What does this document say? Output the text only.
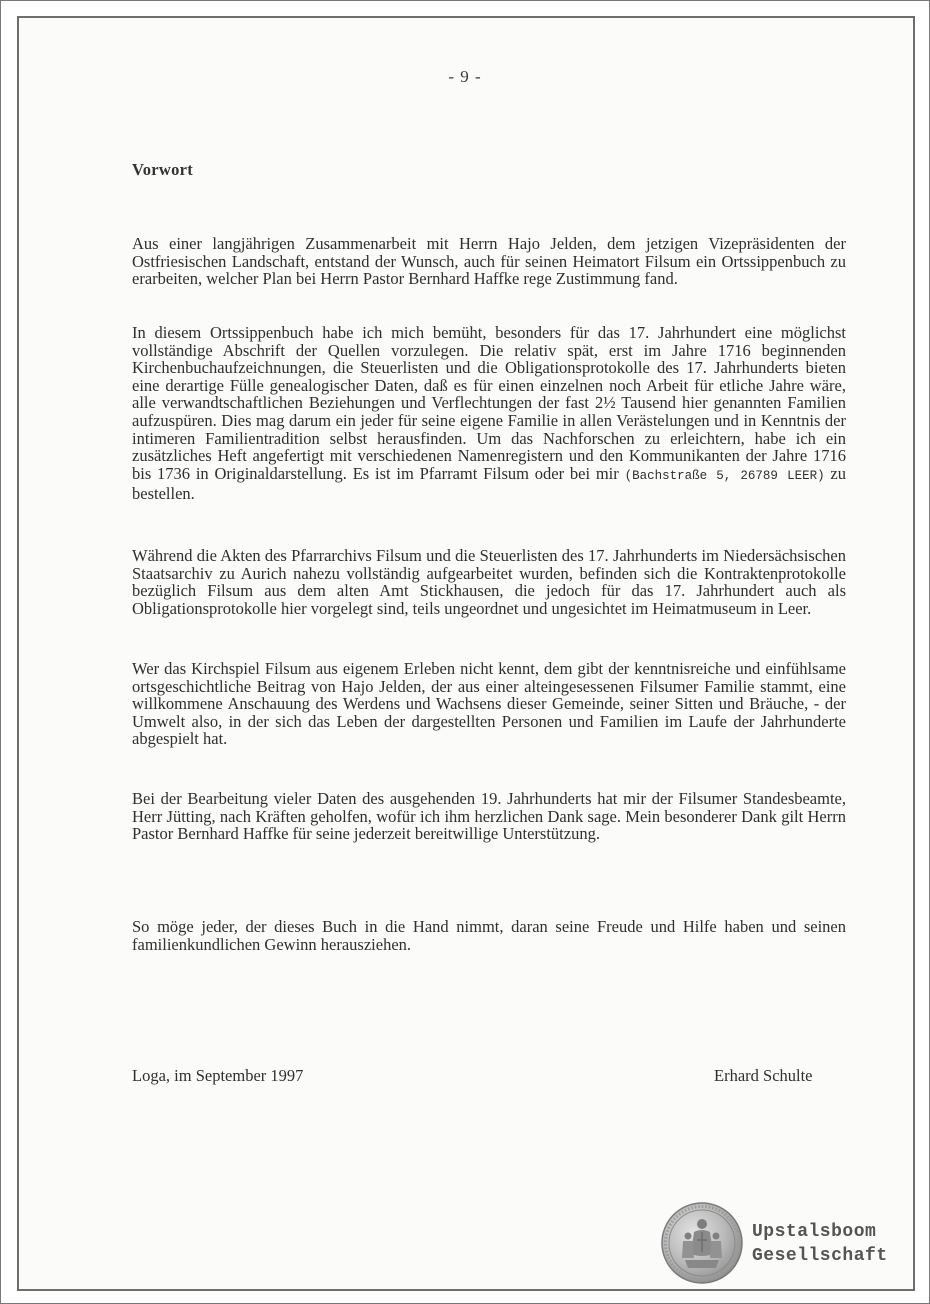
- 9 -
Vorwort
Aus einer langjährigen Zusammenarbeit mit Herrn Hajo Jelden, dem jetzigen Vizepräsidenten der Ostfriesischen Landschaft, entstand der Wunsch, auch für seinen Heimatort Filsum ein Ortssippenbuch zu erarbeiten, welcher Plan bei Herrn Pastor Bernhard Haffke rege Zustimmung fand.
In diesem Ortssippenbuch habe ich mich bemüht, besonders für das 17. Jahrhundert eine möglichst vollständige Abschrift der Quellen vorzulegen. Die relativ spät, erst im Jahre 1716 beginnenden Kirchenbuchaufzeichnungen, die Steuerlisten und die Obligationsprotokolle des 17. Jahrhunderts bieten eine derartige Fülle genealogischer Daten, daß es für einen einzelnen noch Arbeit für etliche Jahre wäre, alle verwandtschaftlichen Beziehungen und Verflechtungen der fast 2½ Tausend hier genannten Familien aufzuspüren. Dies mag darum ein jeder für seine eigene Familie in allen Verästelungen und in Kenntnis der intimeren Familientradition selbst herausfinden. Um das Nachforschen zu erleichtern, habe ich ein zusätzliches Heft angefertigt mit verschiedenen Namenregistern und den Kommunikanten der Jahre 1716 bis 1736 in Originaldarstellung. Es ist im Pfarramt Filsum oder bei mir (Bachstraße 5, 26789 LEER) zu bestellen.
Während die Akten des Pfarrarchivs Filsum und die Steuerlisten des 17. Jahrhunderts im Niedersächsischen Staatsarchiv zu Aurich nahezu vollständig aufgearbeitet wurden, befinden sich die Kontraktenprotokolle bezüglich Filsum aus dem alten Amt Stickhausen, die jedoch für das 17. Jahrhundert auch als Obligationsprotokolle hier vorgelegt sind, teils ungeordnet und ungesichtet im Heimatmuseum in Leer.
Wer das Kirchspiel Filsum aus eigenem Erleben nicht kennt, dem gibt der kenntnisreiche und einfühlsame ortsgeschichtliche Beitrag von Hajo Jelden, der aus einer alteingesessenen Filsumer Familie stammt, eine willkommene Anschauung des Werdens und Wachsens dieser Gemeinde, seiner Sitten und Bräuche, - der Umwelt also, in der sich das Leben der dargestellten Personen und Familien im Laufe der Jahrhunderte abgespielt hat.
Bei der Bearbeitung vieler Daten des ausgehenden 19. Jahrhunderts hat mir der Filsumer Standesbeamte, Herr Jütting, nach Kräften geholfen, wofür ich ihm herzlichen Dank sage. Mein besonderer Dank gilt Herrn Pastor Bernhard Haffke für seine jederzeit bereitwillige Unterstützung.
So möge jeder, der dieses Buch in die Hand nimmt, daran seine Freude und Hilfe haben und seinen familienkundlichen Gewinn herausziehen.
Loga, im September 1997	Erhard Schulte
Upstalsboom
Gesellschaft
